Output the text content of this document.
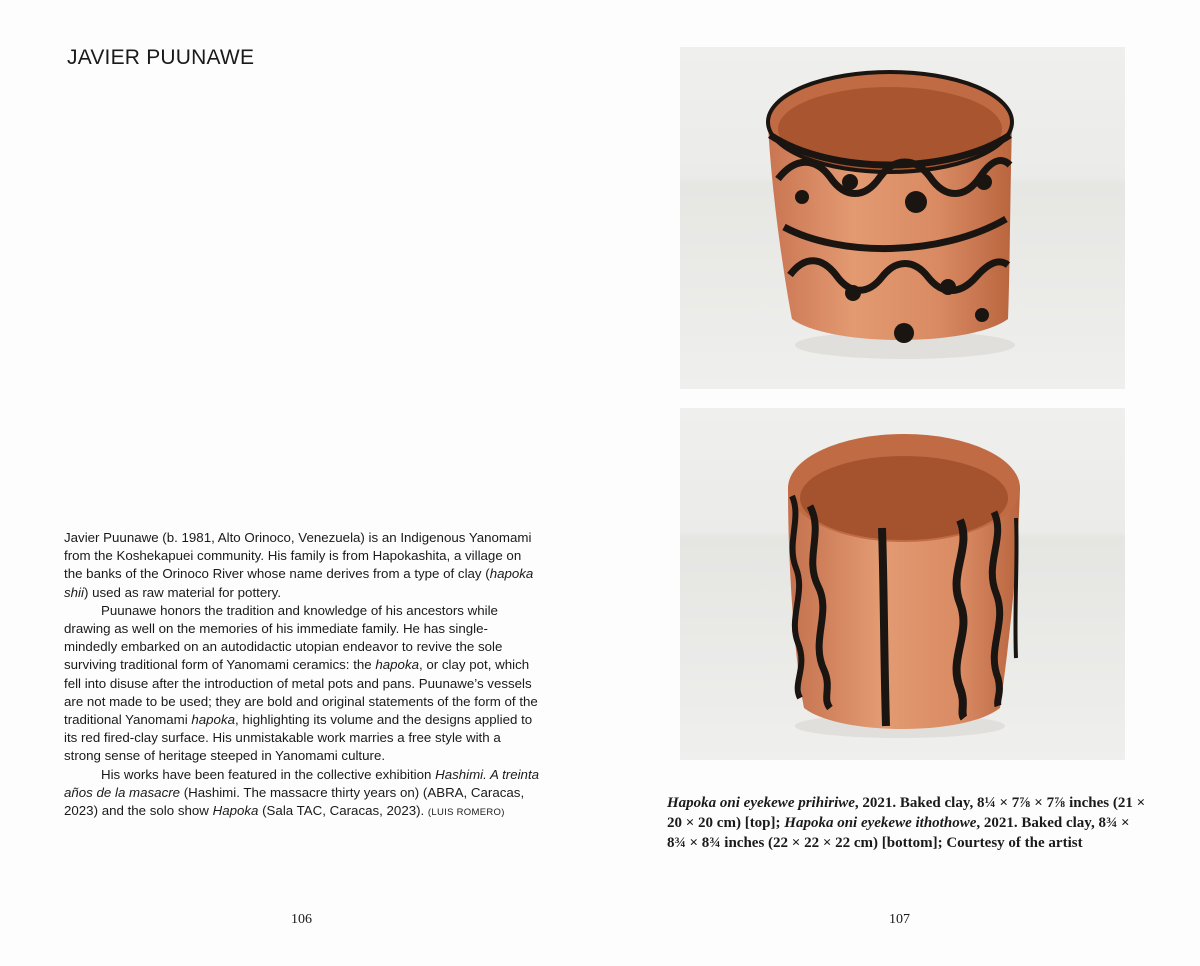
JAVIER PUUNAWE

Javier Puunawe (b. 1981, Alto Orinoco, Venezuela) is an Indigenous Yanomami from the Koshekapuei community. His family is from Hapokashita, a village on the banks of the Orinoco River whose name derives from a type of clay (hapoka shii) used as raw material for pottery.

Puunawe honors the tradition and knowledge of his ancestors while drawing as well on the memories of his immediate family. He has single-mindedly embarked on an autodidactic utopian endeavor to revive the sole surviving traditional form of Yanomami ceramics: the hapoka, or clay pot, which fell into disuse after the introduction of metal pots and pans. Puunawe’s vessels are not made to be used; they are bold and original statements of the form of the traditional Yanomami hapoka, highlighting its volume and the designs applied to its red fired-clay surface. His unmistakable work marries a free style with a strong sense of heritage steeped in Yanomami culture.

His works have been featured in the collective exhibition Hashimi. A treinta años de la masacre (Hashimi. The massacre thirty years on) (ABRA, Caracas, 2023) and the solo show Hapoka (Sala TAC, Caracas, 2023). (LUIS ROMERO)

106
Hapoka oni eyekewe prihiriwe, 2021. Baked clay, 8¼ × 7⅞ × 7⅞ inches (21 × 20 × 20 cm) [top]; Hapoka oni eyekewe ithothowe, 2021. Baked clay, 8¾ × 8¾ × 8¾ inches (22 × 22 × 22 cm) [bottom]; Courtesy of the artist
107
